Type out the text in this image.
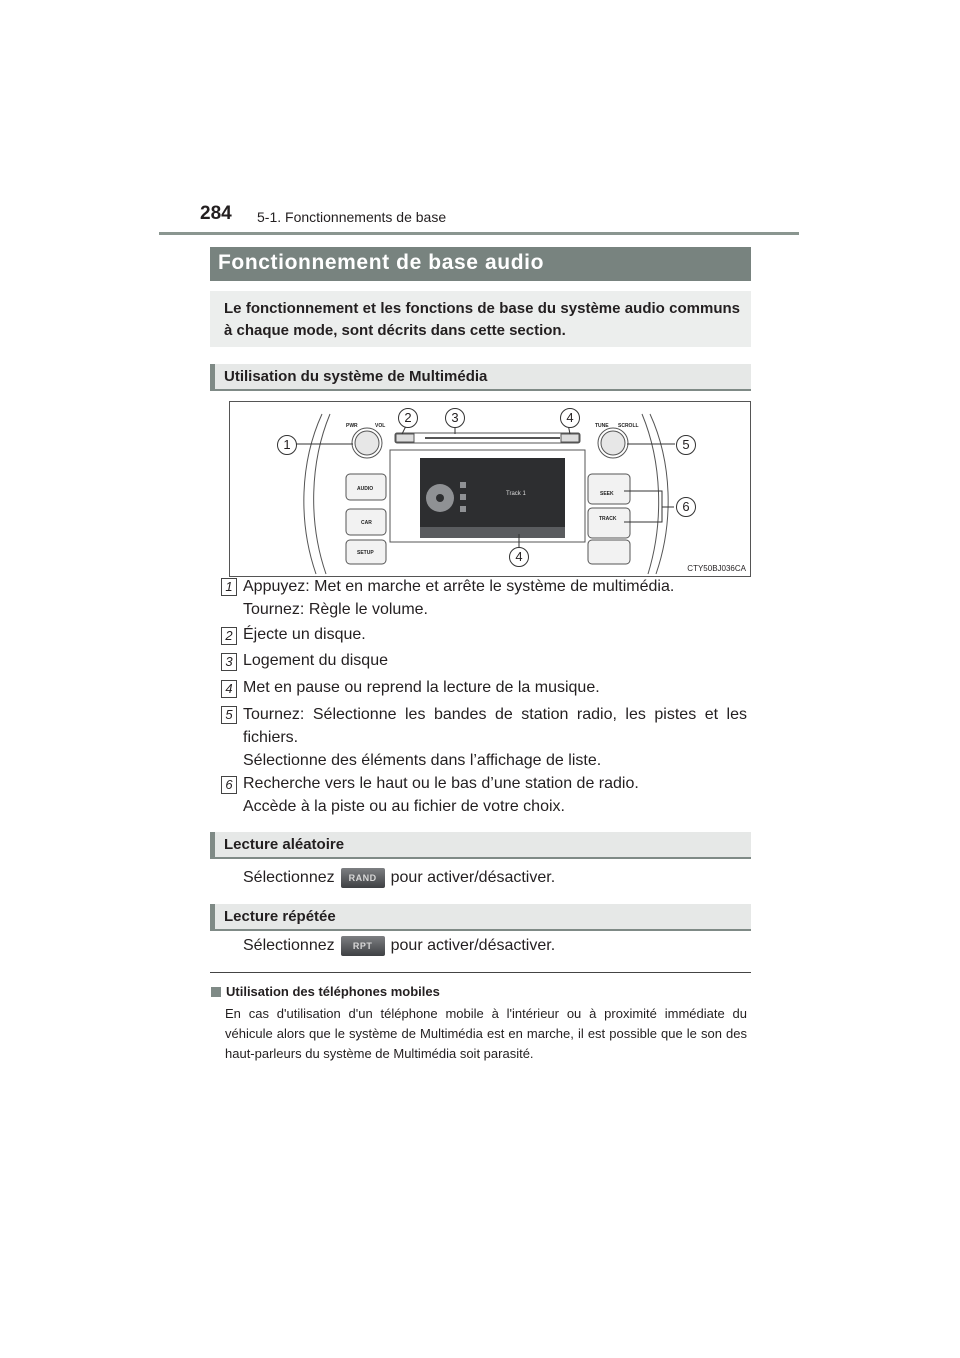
284 5-1. Fonctionnements de base
Fonctionnement de base audio

Le fonctionnement et les fonctions de base du système audio communs à chaque mode, sont décrits dans cette section.

Utilisation du système de Multimédia
PWR	VOL	TUNE SCROLL
AUDIO
CAR
SETUP
SEEK
TRACK
Track 1
1
2	3	4
5
6
4
CTY50BJ036CA
1 Appuyez: Met en marche et arrête le système de multimédia.
Tournez: Règle le volume.
2 Éjecte un disque.
3 Logement du disque
4 Met en pause ou reprend la lecture de la musique.
5 Tournez: Sélectionne les bandes de station radio, les pistes et les fichiers.
Sélectionne des éléments dans l’affichage de liste.
6 Recherche vers le haut ou le bas d’une station de radio.
Accède à la piste ou au fichier de votre choix.
Lecture aléatoire
Sélectionnez	RAND pour activer/désactiver.
Lecture répétée
Sélectionnez	RPT	pour activer/désactiver.
Utilisation des téléphones mobiles

En cas d'utilisation d'un téléphone mobile à l'intérieur ou à proximité immédiate du véhicule alors que le système de Multimédia est en marche, il est possible que le son des haut-parleurs du système de Multimédia soit parasité.
